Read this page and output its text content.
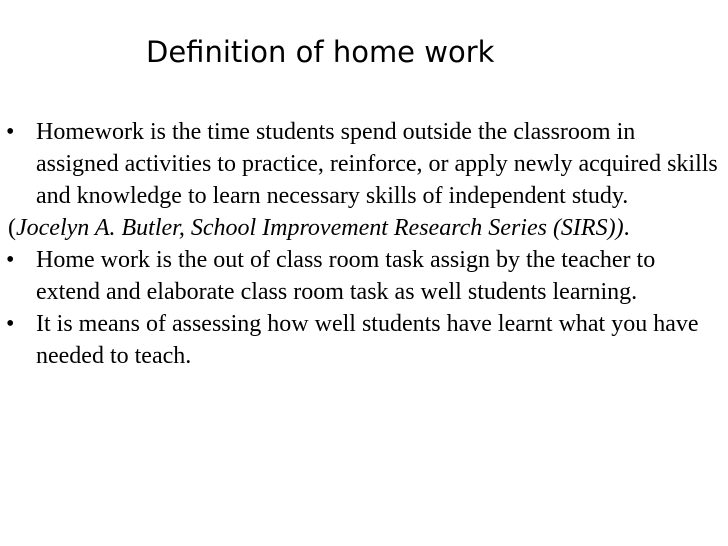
Definition of home work
• Homework is the time students spend outside the classroom in assigned activities to practice, reinforce, or apply newly acquired skills and knowledge to learn necessary skills of independent study.
(Jocelyn A. Butler, School Improvement Research Series (SIRS)).
• Home work is the out of class room task assign by the teacher to extend and elaborate class room task as well students learning.
• It is means of assessing how well students have learnt what you have needed to teach.
